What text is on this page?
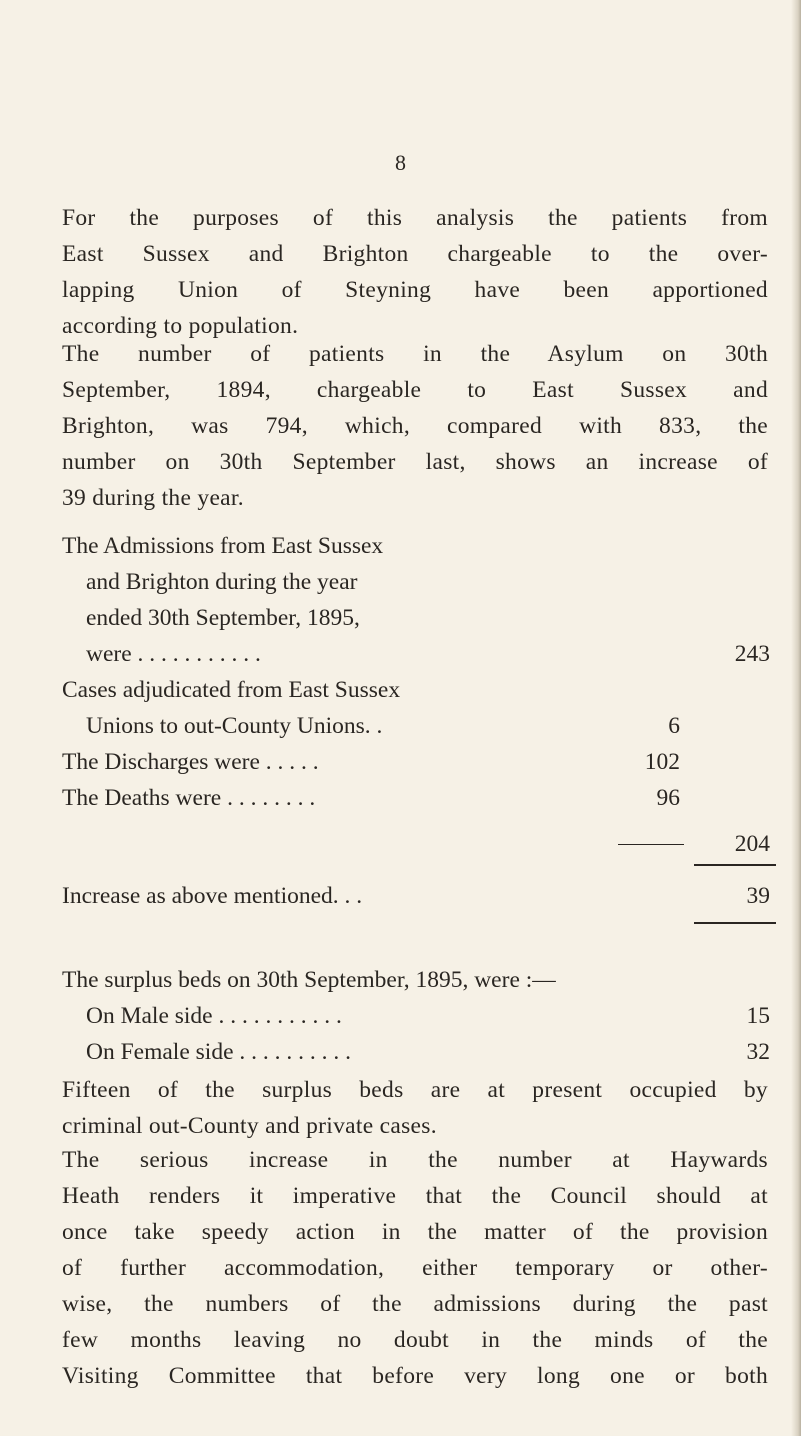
8
For the purposes of this analysis the patients from
East Sussex and Brighton chargeable to the over-
lapping Union of Steyning have been apportioned
according to population.
The number of patients in the Asylum on 30th
September, 1894, chargeable to East Sussex and
Brighton, was 794, which, compared with 833, the
number on 30th September last, shows an increase of
39 during the year.
The Admissions from East Sussex
and Brighton during the year
ended 30th September, 1895,
were . . . . . . . . . . .	243
Cases adjudicated from East Sussex
Unions to out-County Unions. .	6
The Discharges were . . . . .	102
The Deaths were . . . . . . . .	96
204
Increase as above mentioned. . .	39
The surplus beds on 30th September, 1895, were :—
On Male side . . . . . . . . . . .	15
On Female side . . . . . . . . . .	32
Fifteen of the surplus beds are at present occupied by
criminal out-County and private cases.
The serious increase in the number at Haywards
Heath renders it imperative that the Council should at
once take speedy action in the matter of the provision
of further accommodation, either temporary or other-
wise, the numbers of the admissions during the past
few months leaving no doubt in the minds of the
Visiting Committee that before very long one or both
